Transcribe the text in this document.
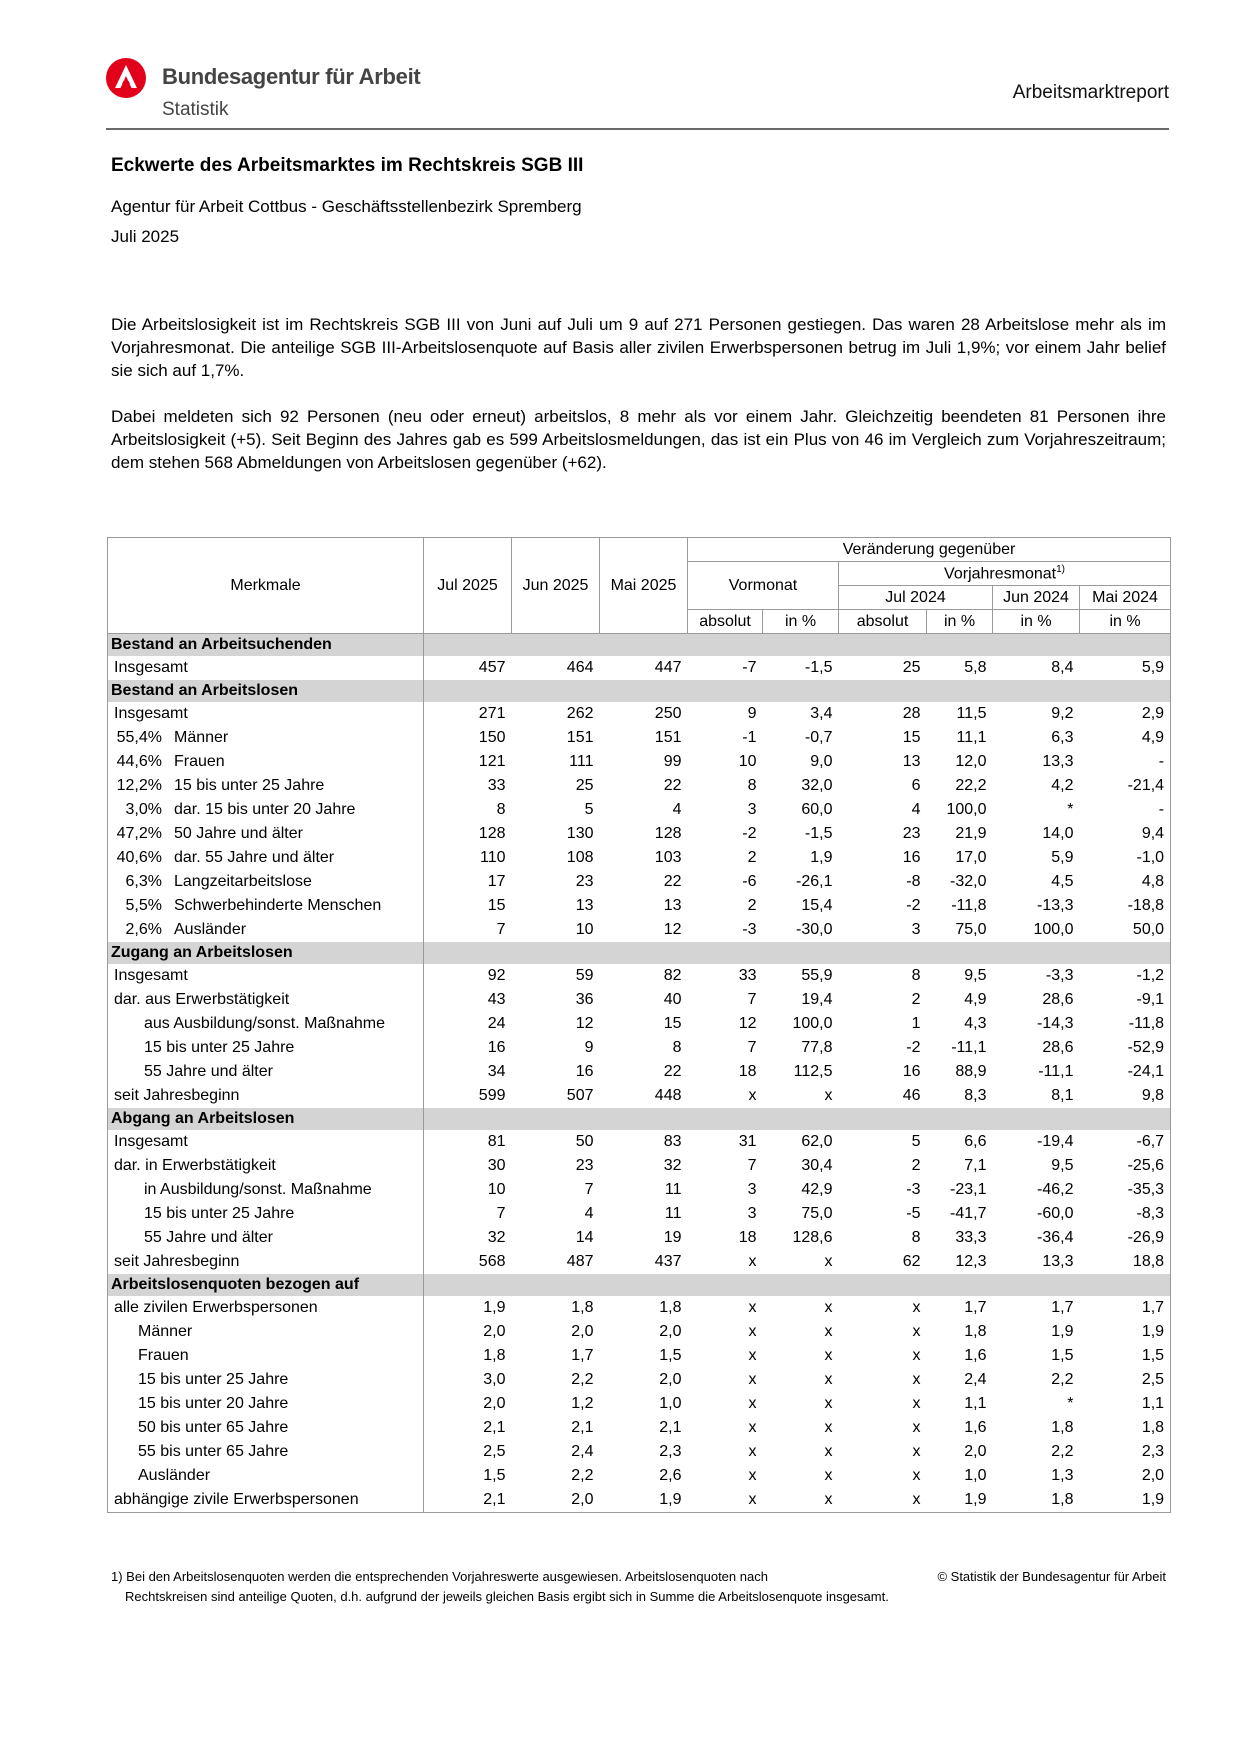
Bundesagentur für Arbeit
Statistik
Arbeitsmarktreport
Eckwerte des Arbeitsmarktes im Rechtskreis SGB III
Agentur für Arbeit Cottbus - Geschäftsstellenbezirk Spremberg
Juli 2025

Die Arbeitslosigkeit ist im Rechtskreis SGB III von Juni auf Juli um 9 auf 271 Personen gestiegen. Das waren 28 Arbeitslose mehr als im Vorjahresmonat. Die anteilige SGB III-Arbeitslosenquote auf Basis aller zivilen Erwerbspersonen betrug im Juli 1,9%; vor einem Jahr belief sie sich auf 1,7%.

Dabei meldeten sich 92 Personen (neu oder erneut) arbeitslos, 8 mehr als vor einem Jahr. Gleichzeitig beendeten 81 Personen ihre Arbeitslosigkeit (+5). Seit Beginn des Jahres gab es 599 Arbeitslosmeldungen, das ist ein Plus von 46 im Vergleich zum Vorjahreszeitraum; dem stehen 568 Abmeldungen von Arbeitslosen gegenüber (+62).

Merkmale	Jul 2025	Jun 2025	Mai 2025	Veränderung gegenüber					
				Vormonat		Vorjahresmonat$^{1)}$
						Jul 2024		Jun 2024	Mai 2024
				absolut	in %	absolut	in %	in %	in %
Bestand an Arbeitsuchenden									
Insgesamt	457	464	447	-7	-1,5	25	5,8	8,4	5,9
Bestand an Arbeitslosen									
Insgesamt	271	262	250	9	3,4	28	11,5	9,2	2,9
55,4% Männer	150	151	151	-1	-0,7	15	11,1	6,3	4,9
44,6% Frauen	121	111	99	10	9,0	13	12,0	13,3	-
12,2% 15 bis unter 25 Jahre	33	25	22	8	32,0	6	22,2	4,2	-21,4
3,0% dar. 15 bis unter 20 Jahre	8	5	4	3	60,0	4	100,0	*	-
47,2% 50 Jahre und älter	128	130	128	-2	-1,5	23	21,9	14,0	9,4
40,6% dar. 55 Jahre und älter	110	108	103	2	1,9	16	17,0	5,9	-1,0
6,3% Langzeitarbeitslose	17	23	22	-6	-26,1	-8	-32,0	4,5	4,8
5,5% Schwerbehinderte Menschen	15	13	13	2	15,4	-2	-11,8	-13,3	-18,8
2,6% Ausländer	7	10	12	-3	-30,0	3	75,0	100,0	50,0
Zugang an Arbeitslosen									
Insgesamt	92	59	82	33	55,9	8	9,5	-3,3	-1,2
dar. aus Erwerbstätigkeit	43	36	40	7	19,4	2	4,9	28,6	-9,1
aus Ausbildung/sonst. Maßnahme	24	12	15	12	100,0	1	4,3	-14,3	-11,8
15 bis unter 25 Jahre	16	9	8	7	77,8	-2	-11,1	28,6	-52,9
55 Jahre und älter	34	16	22	18	112,5	16	88,9	-11,1	-24,1
seit Jahresbeginn	599	507	448	x	x	46	8,3	8,1	9,8
Abgang an Arbeitslosen									
Insgesamt	81	50	83	31	62,0	5	6,6	-19,4	-6,7
dar. in Erwerbstätigkeit	30	23	32	7	30,4	2	7,1	9,5	-25,6
in Ausbildung/sonst. Maßnahme	10	7	11	3	42,9	-3	-23,1	-46,2	-35,3
15 bis unter 25 Jahre	7	4	11	3	75,0	-5	-41,7	-60,0	-8,3
55 Jahre und älter	32	14	19	18	128,6	8	33,3	-36,4	-26,9
seit Jahresbeginn	568	487	437	x	x	62	12,3	13,3	18,8
Arbeitslosenquoten bezogen auf									
alle zivilen Erwerbspersonen	1,9	1,8	1,8	x	x	x	1,7	1,7	1,7
Männer	2,0	2,0	2,0	x	x	x	1,8	1,9	1,9
Frauen	1,8	1,7	1,5	x	x	x	1,6	1,5	1,5
15 bis unter 25 Jahre	3,0	2,2	2,0	x	x	x	2,4	2,2	2,5
15 bis unter 20 Jahre	2,0	1,2	1,0	x	x	x	1,1	*	1,1
50 bis unter 65 Jahre	2,1	2,1	2,1	x	x	x	1,6	1,8	1,8
55 bis unter 65 Jahre	2,5	2,4	2,3	x	x	x	2,0	2,2	2,3
Ausländer	1,5	2,2	2,6	x	x	x	1,0	1,3	2,0
abhängige zivile Erwerbspersonen	2,1	2,0	1,9	x	x	x	1,9	1,8	1,9
1) Bei den Arbeitslosenquoten werden die entsprechenden Vorjahreswerte ausgewiesen. Arbeitslosenquoten nach
Rechtskreisen sind anteilige Quoten, d.h. aufgrund der jeweils gleichen Basis ergibt sich in Summe die Arbeitslosenquote insgesamt.
© Statistik der Bundesagentur für Arbeit
